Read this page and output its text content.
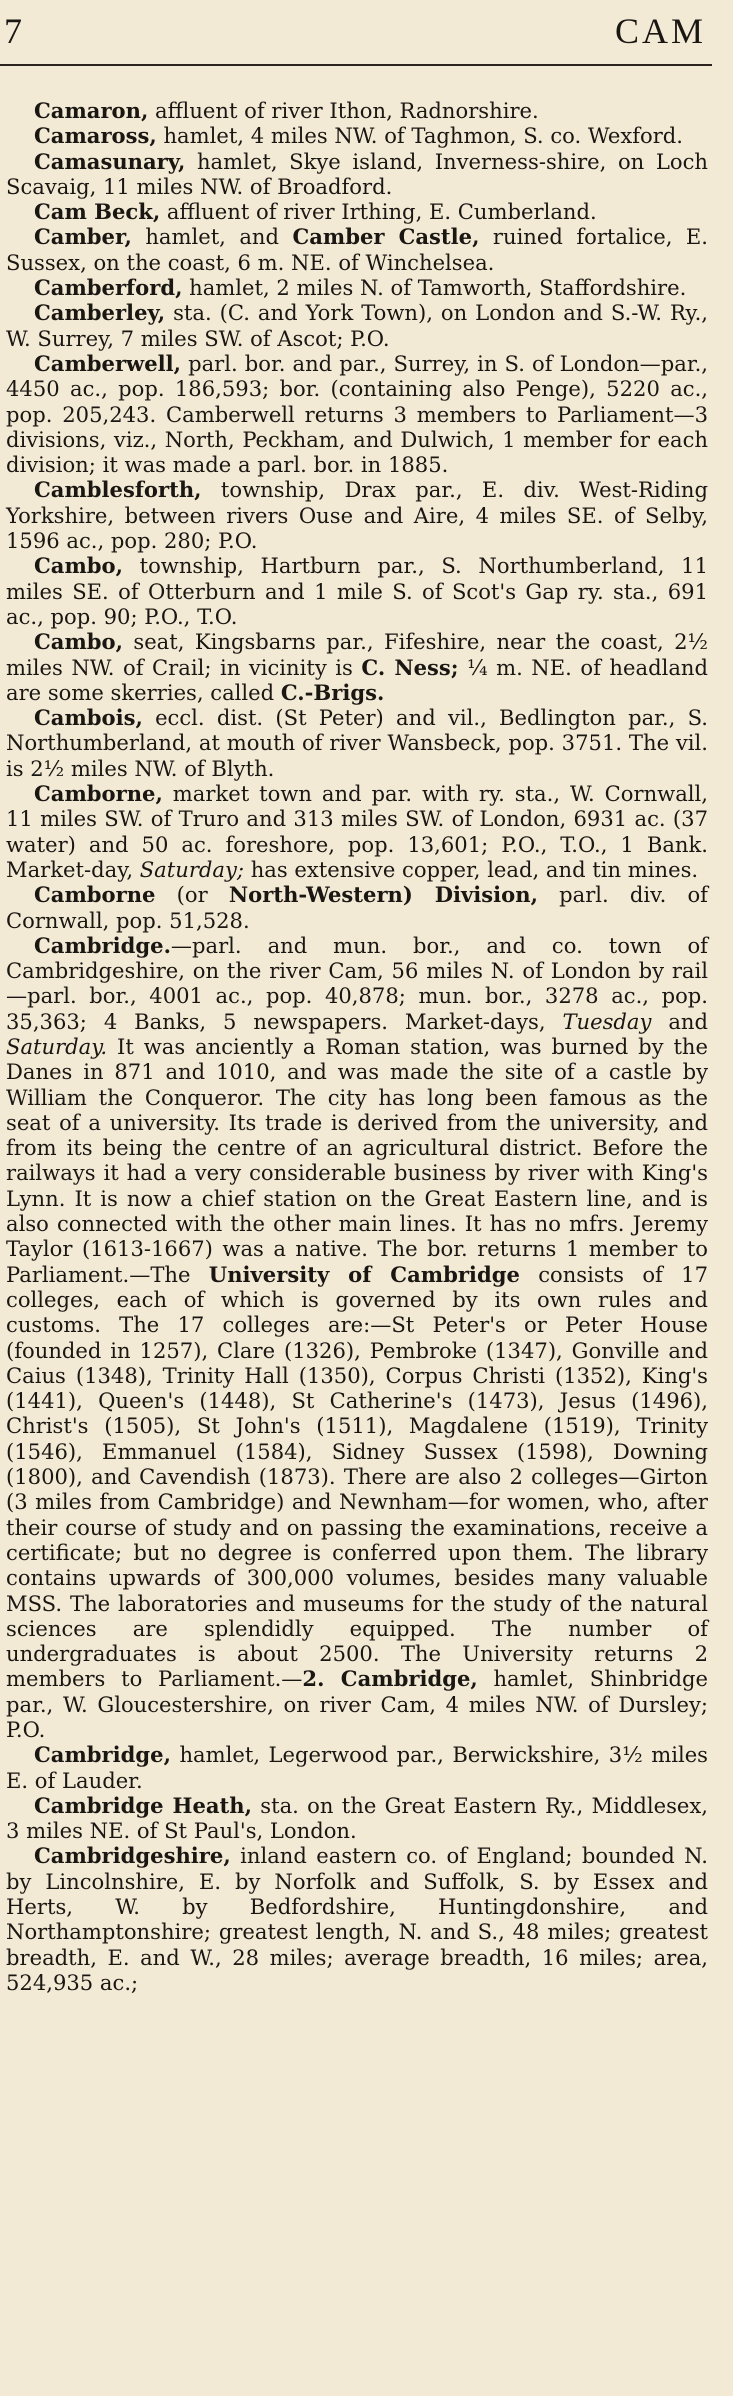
7	CAM

Camaron, affluent of river Ithon, Radnorshire.

Camaross, hamlet, 4 miles NW. of Taghmon, S. co. Wexford.

Camasunary, hamlet, Skye island, Inverness-shire, on Loch Scavaig, 11 miles NW. of Broadford.

Cam Beck, affluent of river Irthing, E. Cumberland.

Camber, hamlet, and Camber Castle, ruined fortalice, E. Sussex, on the coast, 6 m. NE. of Winchelsea.

Camberford, hamlet, 2 miles N. of Tamworth, Staffordshire.

Camberley, sta. (C. and York Town), on London and S.-W. Ry., W. Surrey, 7 miles SW. of Ascot; P.O.

Camberwell, parl. bor. and par., Surrey, in S. of London—par., 4450 ac., pop. 186,593; bor. (containing also Penge), 5220 ac., pop. 205,243. Camberwell returns 3 members to Parliament—3 divisions, viz., North, Peckham, and Dulwich, 1 member for each division; it was made a parl. bor. in 1885.

Camblesforth, township, Drax par., E. div. West-Riding Yorkshire, between rivers Ouse and Aire, 4 miles SE. of Selby, 1596 ac., pop. 280; P.O.

Cambo, township, Hartburn par., S. Northumberland, 11 miles SE. of Otterburn and 1 mile S. of Scot's Gap ry. sta., 691 ac., pop. 90; P.O., T.O.

Cambo, seat, Kingsbarns par., Fifeshire, near the coast, 2½ miles NW. of Crail; in vicinity is C. Ness; ¼ m. NE. of headland are some skerries, called C.-Brigs.

Cambois, eccl. dist. (St Peter) and vil., Bedlington par., S. Northumberland, at mouth of river Wansbeck, pop. 3751. The vil. is 2½ miles NW. of Blyth.

Camborne, market town and par. with ry. sta., W. Cornwall, 11 miles SW. of Truro and 313 miles SW. of London, 6931 ac. (37 water) and 50 ac. foreshore, pop. 13,601; P.O., T.O., 1 Bank. Market-day, Saturday; has extensive copper, lead, and tin mines.

Camborne (or North-Western) Division, parl. div. of Cornwall, pop. 51,528.

Cambridge.—parl. and mun. bor., and co. town of Cambridgeshire, on the river Cam, 56 miles N. of London by rail—parl. bor., 4001 ac., pop. 40,878; mun. bor., 3278 ac., pop. 35,363; 4 Banks, 5 newspapers. Market-days, Tuesday and Saturday. It was anciently a Roman station, was burned by the Danes in 871 and 1010, and was made the site of a castle by William the Conqueror. The city has long been famous as the seat of a university. Its trade is derived from the university, and from its being the centre of an agricultural district. Before the railways it had a very considerable business by river with King's Lynn. It is now a chief station on the Great Eastern line, and is also connected with the other main lines. It has no mfrs. Jeremy Taylor (1613-1667) was a native. The bor. returns 1 member to Parliament.—The University of Cambridge consists of 17 colleges, each of which is governed by its own rules and customs. The 17 colleges are:—St Peter's or Peter House (founded in 1257), Clare (1326), Pembroke (1347), Gonville and Caius (1348), Trinity Hall (1350), Corpus Christi (1352), King's (1441), Queen's (1448), St Catherine's (1473), Jesus (1496), Christ's (1505), St John's (1511), Magdalene (1519), Trinity (1546), Emmanuel (1584), Sidney Sussex (1598), Downing (1800), and Cavendish (1873). There are also 2 colleges—Girton (3 miles from Cambridge) and Newnham—for women, who, after their course of study and on passing the examinations, receive a certificate; but no degree is conferred upon them. The library contains upwards of 300,000 volumes, besides many valuable MSS. The laboratories and museums for the study of the natural sciences are splendidly equipped. The number of undergraduates is about 2500. The University returns 2 members to Parliament.—2. Cambridge, hamlet, Shinbridge par., W. Gloucestershire, on river Cam, 4 miles NW. of Dursley; P.O.

Cambridge, hamlet, Legerwood par., Berwickshire, 3½ miles E. of Lauder.

Cambridge Heath, sta. on the Great Eastern Ry., Middlesex, 3 miles NE. of St Paul's, London.

Cambridgeshire, inland eastern co. of England; bounded N. by Lincolnshire, E. by Norfolk and Suffolk, S. by Essex and Herts, W. by Bedfordshire, Huntingdonshire, and Northamptonshire; greatest length, N. and S., 48 miles; greatest breadth, E. and W., 28 miles; average breadth, 16 miles; area, 524,935 ac.;
